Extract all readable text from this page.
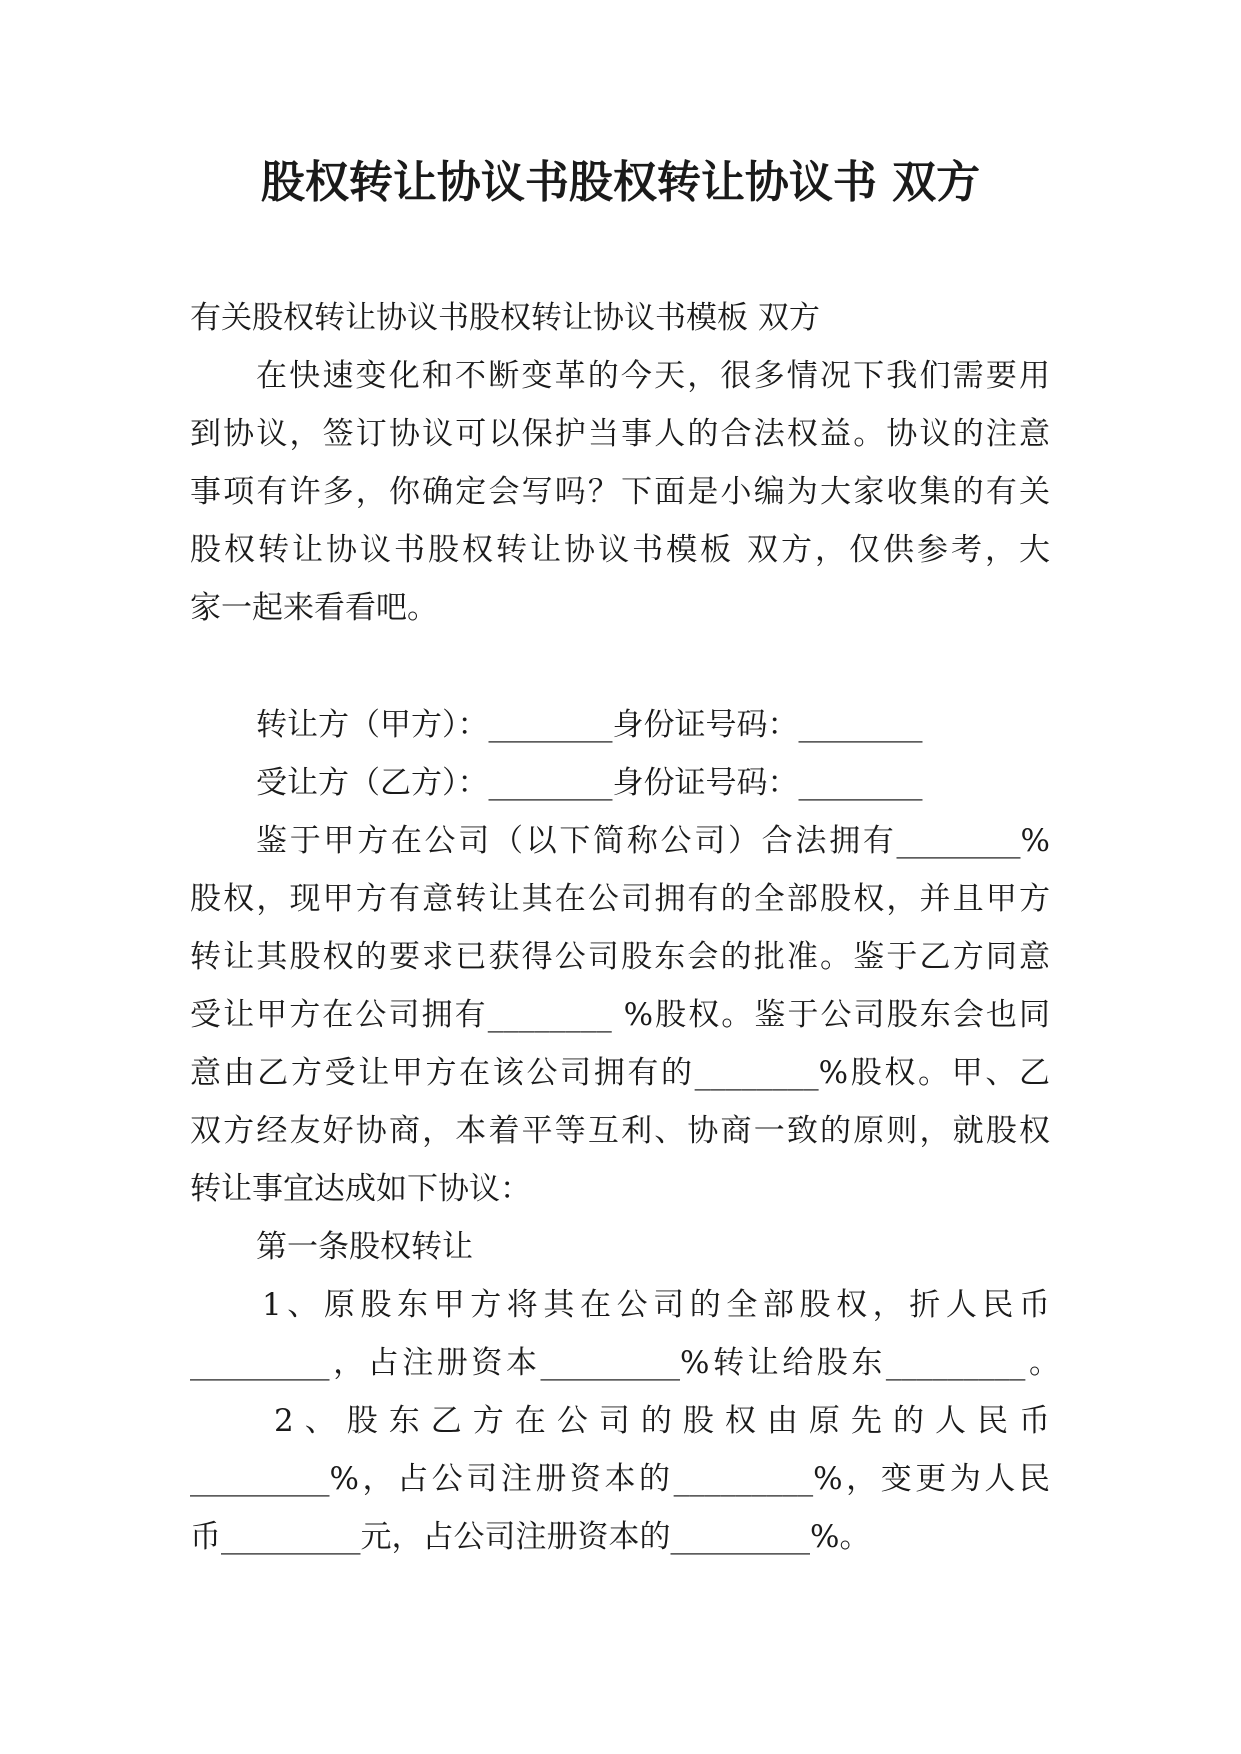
股权转让协议书股权转让协议书 双方
有关股权转让协议书股权转让协议书模板 双方
在快速变化和不断变革的今天，很多情况下我们需要用
到协议，签订协议可以保护当事人的合法权益。协议的注意
事项有许多，你确定会写吗？下面是小编为大家收集的有关
股权转让协议书股权转让协议书模板 双方，仅供参考，大
家一起来看看吧。
转让方（甲方）：________身份证号码：________
受让方（乙方）：________身份证号码：________
鉴于甲方在公司（以下简称公司）合法拥有________%
股权，现甲方有意转让其在公司拥有的全部股权，并且甲方
转让其股权的要求已获得公司股东会的批准。鉴于乙方同意
受让甲方在公司拥有________ %股权。鉴于公司股东会也同
意由乙方受让甲方在该公司拥有的________%股权。甲、乙
双方经友好协商，本着平等互利、协商一致的原则，就股权
转让事宜达成如下协议：
第一条股权转让
1、原股东甲方将其在公司的全部股权，折人民币
_________，占注册资本_________%转让给股东_________。
2、股东乙方在公司的股权由原先的人民币
_________%，占公司注册资本的_________%，变更为人民
币_________元，占公司注册资本的_________%。
